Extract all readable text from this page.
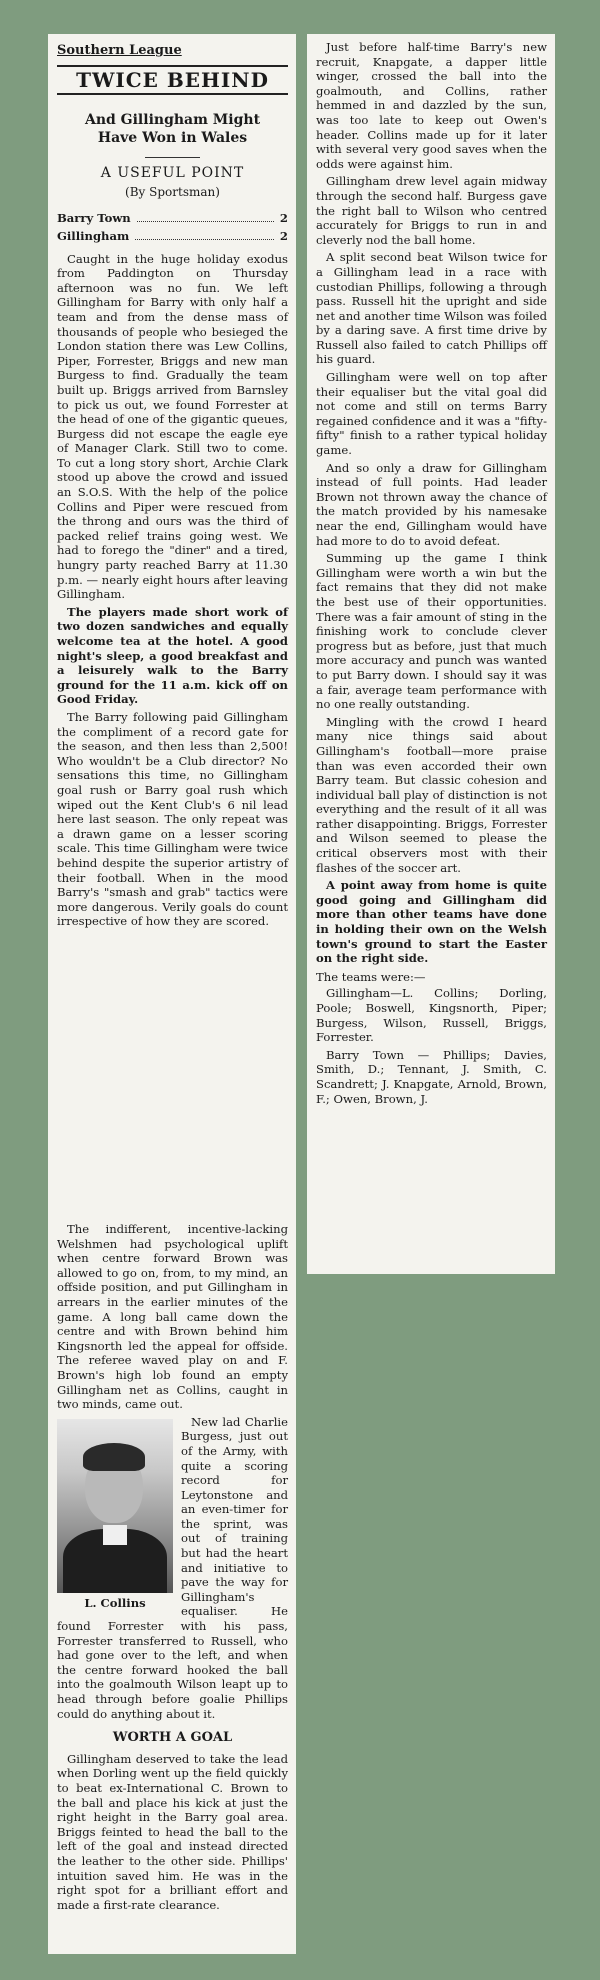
Southern League
TWICE BEHIND
And Gillingham Might
Have Won in Wales
A USEFUL POINT
(By Sportsman)
Barry Town	2
Gillingham	2

Caught in the huge holiday exodus from Paddington on Thursday afternoon was no fun. We left Gillingham for Barry with only half a team and from the dense mass of thousands of people who besieged the London station there was Lew Collins, Piper, Forrester, Briggs and new man Burgess to find. Gradually the team built up. Briggs arrived from Barnsley to pick us out, we found Forrester at the head of one of the gigantic queues, Burgess did not escape the eagle eye of Manager Clark. Still two to come. To cut a long story short, Archie Clark stood up above the crowd and issued an S.O.S. With the help of the police Collins and Piper were rescued from the throng and ours was the third of packed relief trains going west. We had to forego the "diner" and a tired, hungry party reached Barry at 11.30 p.m. — nearly eight hours after leaving Gillingham.

The players made short work of two dozen sandwiches and equally welcome tea at the hotel. A good night's sleep, a good breakfast and a leisurely walk to the Barry ground for the 11 a.m. kick off on Good Friday.

The Barry following paid Gillingham the compliment of a record gate for the season, and then less than 2,500! Who wouldn't be a Club director? No sensations this time, no Gillingham goal rush or Barry goal rush which wiped out the Kent Club's 6 nil lead here last season. The only repeat was a drawn game on a lesser scoring scale. This time Gillingham were twice behind despite the superior artistry of their football. When in the mood Barry's "smash and grab" tactics were more dangerous. Verily goals do count irrespective of how they are scored.

The indifferent, incentive-lacking Welshmen had psychological uplift when centre forward Brown was allowed to go on, from, to my mind, an offside position, and put Gillingham in arrears in the earlier minutes of the game. A long ball came down the centre and with Brown behind him Kingsnorth led the appeal for offside. The referee waved play on and F. Brown's high lob found an empty Gillingham net as Collins, caught in two minds, came out.

L. Collins

New lad Charlie Burgess, just out of the Army, with quite a scoring record for Leytonstone and an even-timer for the sprint, was out of training but had the heart and initiative to pave the way for Gillingham's equaliser. He found Forrester with his pass, Forrester transferred to Russell, who had gone over to the left, and when the centre forward hooked the ball into the goalmouth Wilson leapt up to head through before goalie Phillips could do anything about it.

WORTH A GOAL

Gillingham deserved to take the lead when Dorling went up the field quickly to beat ex-International C. Brown to the ball and place his kick at just the right height in the Barry goal area. Briggs feinted to head the ball to the left of the goal and instead directed the leather to the other side. Phillips' intuition saved him. He was in the right spot for a brilliant effort and made a first-rate clearance.

Just before half-time Barry's new recruit, Knapgate, a dapper little winger, crossed the ball into the goalmouth, and Collins, rather hemmed in and dazzled by the sun, was too late to keep out Owen's header. Collins made up for it later with several very good saves when the odds were against him.

Gillingham drew level again midway through the second half. Burgess gave the right ball to Wilson who centred accurately for Briggs to run in and cleverly nod the ball home.

A split second beat Wilson twice for a Gillingham lead in a race with custodian Phillips, following a through pass. Russell hit the upright and side net and another time Wilson was foiled by a daring save. A first time drive by Russell also failed to catch Phillips off his guard.

Gillingham were well on top after their equaliser but the vital goal did not come and still on terms Barry regained confidence and it was a "fifty-fifty" finish to a rather typical holiday game.

And so only a draw for Gillingham instead of full points. Had leader Brown not thrown away the chance of the match provided by his namesake near the end, Gillingham would have had more to do to avoid defeat.

Summing up the game I think Gillingham were worth a win but the fact remains that they did not make the best use of their opportunities. There was a fair amount of sting in the finishing work to conclude clever progress but as before, just that much more accuracy and punch was wanted to put Barry down. I should say it was a fair, average team performance with no one really outstanding.

Mingling with the crowd I heard many nice things said about Gillingham's football—more praise than was even accorded their own Barry team. But classic cohesion and individual ball play of distinction is not everything and the result of it all was rather disappointing. Briggs, Forrester and Wilson seemed to please the critical observers most with their flashes of the soccer art.

A point away from home is quite good going and Gillingham did more than other teams have done in holding their own on the Welsh town's ground to start the Easter on the right side.

The teams were:—

Gillingham—L. Collins; Dorling, Poole; Boswell, Kingsnorth, Piper; Burgess, Wilson, Russell, Briggs, Forrester.

Barry Town — Phillips; Davies, Smith, D.; Tennant, J. Smith, C. Scandrett; J. Knapgate, Arnold, Brown, F.; Owen, Brown, J.
